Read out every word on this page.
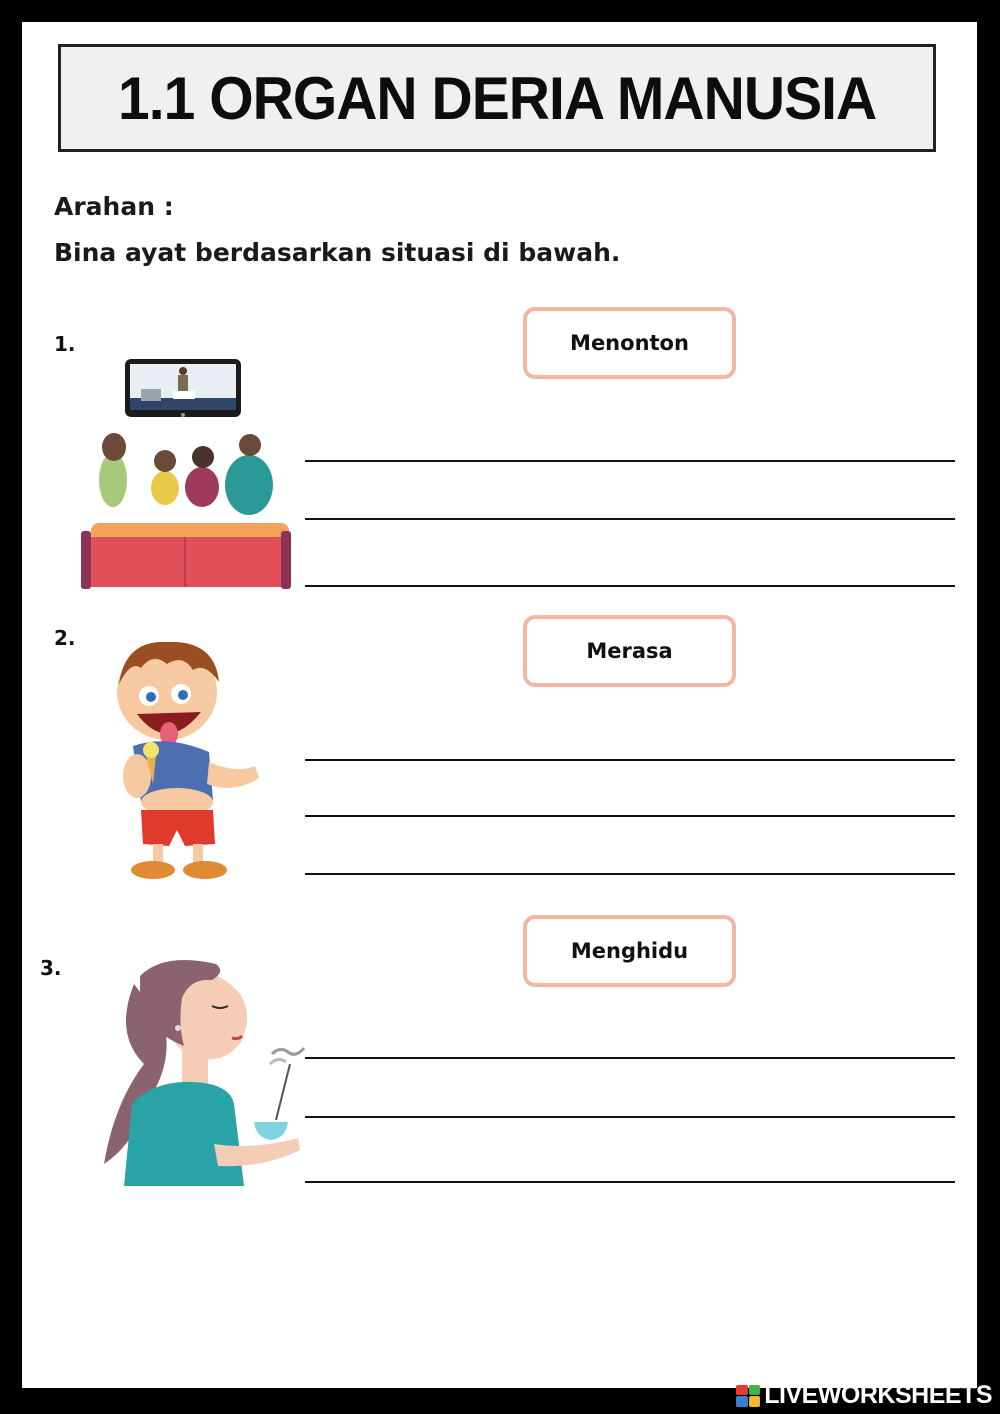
1.1 ORGAN DERIA MANUSIA
Arahan :
Bina ayat berdasarkan situasi di bawah.
1.	Menonton
2.
Merasa
3.
Menghidu
LIVEWORKSHEETS
